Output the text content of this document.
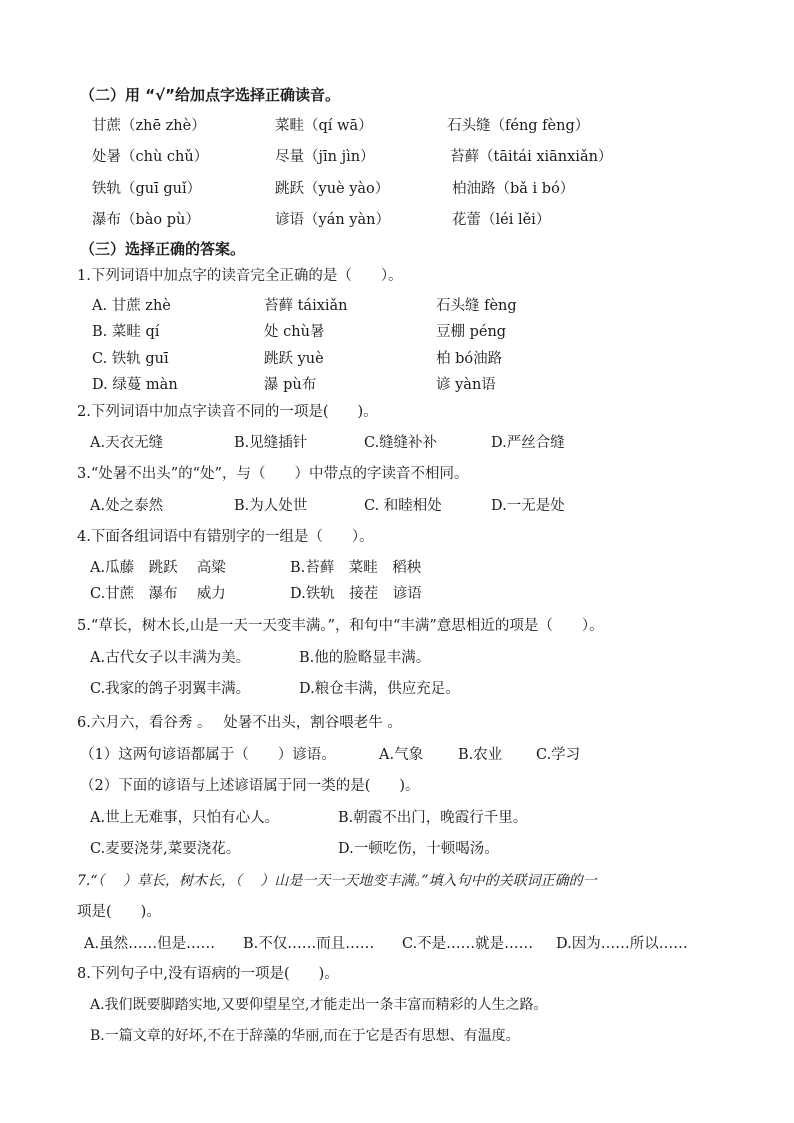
（二）用 “√”给加点字选择正确读音。
甘蔗（zhē zhè）	菜畦（qí wā）	石头缝（féng fèng）
处暑（chù chǔ）	尽量（jīn jìn）	苔藓（tāitái xiānxiǎn）
铁轨（guī guǐ）	跳跃（yuè yào）	柏油路（bǎ i bó）
瀑布（bào pù）	谚语（yán yàn）	花蕾（léi lěi）
（三）选择正确的答案。
1.下列词语中加点字的读音完全正确的是（　　）。
A. 甘蔗 zhè	苔藓 táixiǎn	石头缝 fèng
B. 菜畦 qí	处 chù暑	豆棚 péng
C. 铁轨 guī	跳跃 yuè	柏 bó油路
D. 绿蔓 màn	瀑 pù布	谚 yàn语
2.下列词语中加点字读音不同的一项是(　　)。
A.天衣无缝	B.见缝插针	C.缝缝补补	D.严丝合缝
3.“处暑不出头”的“处”，与（　　）中带点的字读音不相同。
A.处之泰然	B.为人处世	C. 和睦相处	D.一无是处
4.下面各组词语中有错别字的一组是（　　）。
A.瓜藤　跳跃　 高粱	B.苔藓　菜畦　稻秧
C.甘蔗　瀑布　 威力	D.铁轨　接茬　谚语
5.“草长，树木长,山是一天一天变丰满。”，和句中“丰满”意思相近的项是（　　）。
A.古代女子以丰满为美。	B.他的脸略显丰满。
C.我家的鸽子羽翼丰满。	D.粮仓丰满，供应充足。
6.六月六，看谷秀 。　 处暑不出头，割谷喂老牛 。
（1）这两句谚语都属于（　　）谚语。	A.气象 B.农业 C.学习
（2）下面的谚语与上述谚语属于同一类的是(　　)。
A.世上无难事，只怕有心人。	B.朝霞不出门，晚霞行千里。
C.麦要浇芽,菜要浇花。	D.一顿吃伤，十顿喝汤。
7.“（　 ）草长，树木长，（　 ）山是一天一天地变丰满。”填入句中的关联词正确的一
项是(　　)。
A.虽然……但是…… B.不仅……而且…… C.不是……就是…… D.因为……所以……
8.下列句子中,没有语病的一项是(　　)。
A.我们既要脚踏实地,又要仰望星空,才能走出一条丰富而精彩的人生之路。
B.一篇文章的好坏,不在于辞藻的华丽,而在于它是否有思想、有温度。
